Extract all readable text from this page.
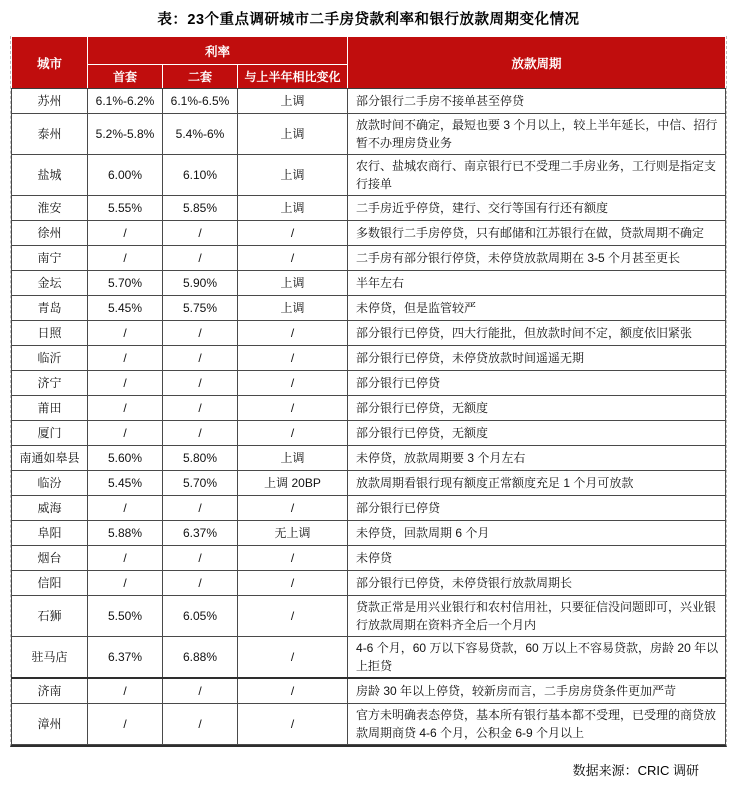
表：23个重点调研城市二手房贷款利率和银行放款周期变化情况
城市	利率			放款周期
	首套	二套	与上半年相比变化	
苏州	6.1%-6.2%	6.1%-6.5%	上调	部分银行二手房不接单甚至停贷
泰州	5.2%-5.8%	5.4%-6%	上调	放款时间不确定，最短也要 3 个月以上，较上半年延长，中信、招行暂不办理房贷业务
盐城	6.00%	6.10%	上调	农行、盐城农商行、南京银行已不受理二手房业务，工行则是指定支行接单
淮安	5.55%	5.85%	上调	二手房近乎停贷，建行、交行等国有行还有额度
徐州	/	/	/	多数银行二手房停贷，只有邮储和江苏银行在做，贷款周期不确定
南宁	/	/	/	二手房有部分银行停贷，未停贷放款周期在 3-5 个月甚至更长
金坛	5.70%	5.90%	上调	半年左右
青岛	5.45%	5.75%	上调	未停贷，但是监管较严
日照	/	/	/	部分银行已停贷，四大行能批，但放款时间不定，额度依旧紧张
临沂	/	/	/	部分银行已停贷，未停贷放款时间遥遥无期
济宁	/	/	/	部分银行已停贷
莆田	/	/	/	部分银行已停贷，无额度
厦门	/	/	/	部分银行已停贷，无额度
南通如皋县	5.60%	5.80%	上调	未停贷，放款周期要 3 个月左右
临汾	5.45%	5.70%	上调 20BP	放款周期看银行现有额度正常额度充足 1 个月可放款
威海	/	/	/	部分银行已停贷
阜阳	5.88%	6.37%	无上调	未停贷，回款周期 6 个月
烟台	/	/	/	未停贷
信阳	/	/	/	部分银行已停贷，未停贷银行放款周期长
石狮	5.50%	6.05%	/	贷款正常是用兴业银行和农村信用社，只要征信没问题即可，兴业银行放款周期在资料齐全后一个月内
驻马店	6.37%	6.88%	/	4-6 个月，60 万以下容易贷款，60 万以上不容易贷款，房龄 20 年以上拒贷
济南	/	/	/	房龄 30 年以上停贷，较新房而言，二手房房贷条件更加严苛
漳州	/	/	/	官方未明确表态停贷，基本所有银行基本都不受理，已受理的商贷放款周期商贷 4-6 个月，公积金 6-9 个月以上
数据来源：CRIC 调研
